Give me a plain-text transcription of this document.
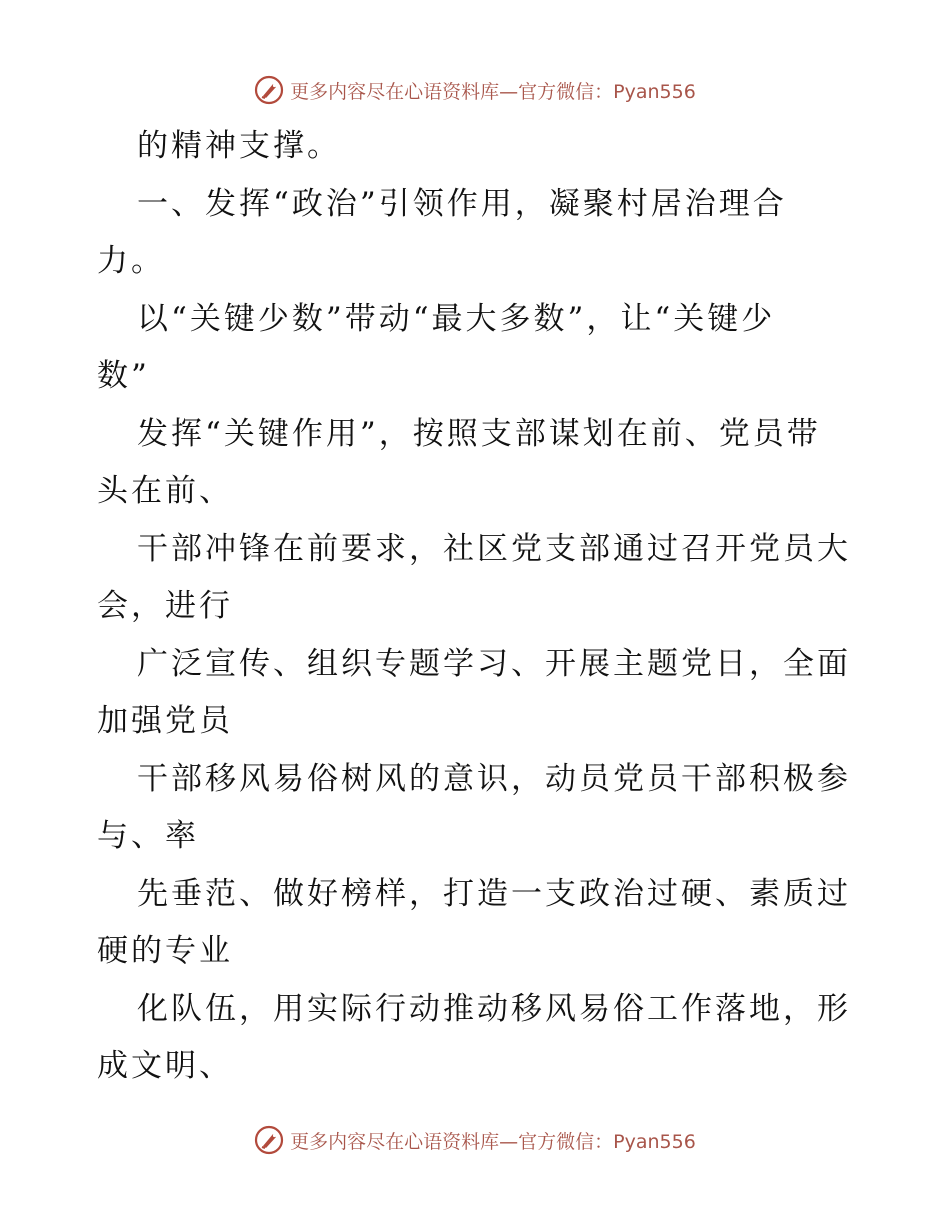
更多内容尽在心语资料库—官方微信：Pyan556
的精神支撑。
一、发挥“政治”引领作用，凝聚村居治理合
力。
以“关键少数”带动“最大多数”，让“关键少
数”
发挥“关键作用”，按照支部谋划在前、党员带
头在前、
干部冲锋在前要求，社区党支部通过召开党员大
会，进行
广泛宣传、组织专题学习、开展主题党日，全面
加强党员
干部移风易俗树风的意识，动员党员干部积极参
与、率
先垂范、做好榜样，打造一支政治过硬、素质过
硬的专业
化队伍，用实际行动推动移风易俗工作落地，形
成文明、
更多内容尽在心语资料库—官方微信：Pyan556
